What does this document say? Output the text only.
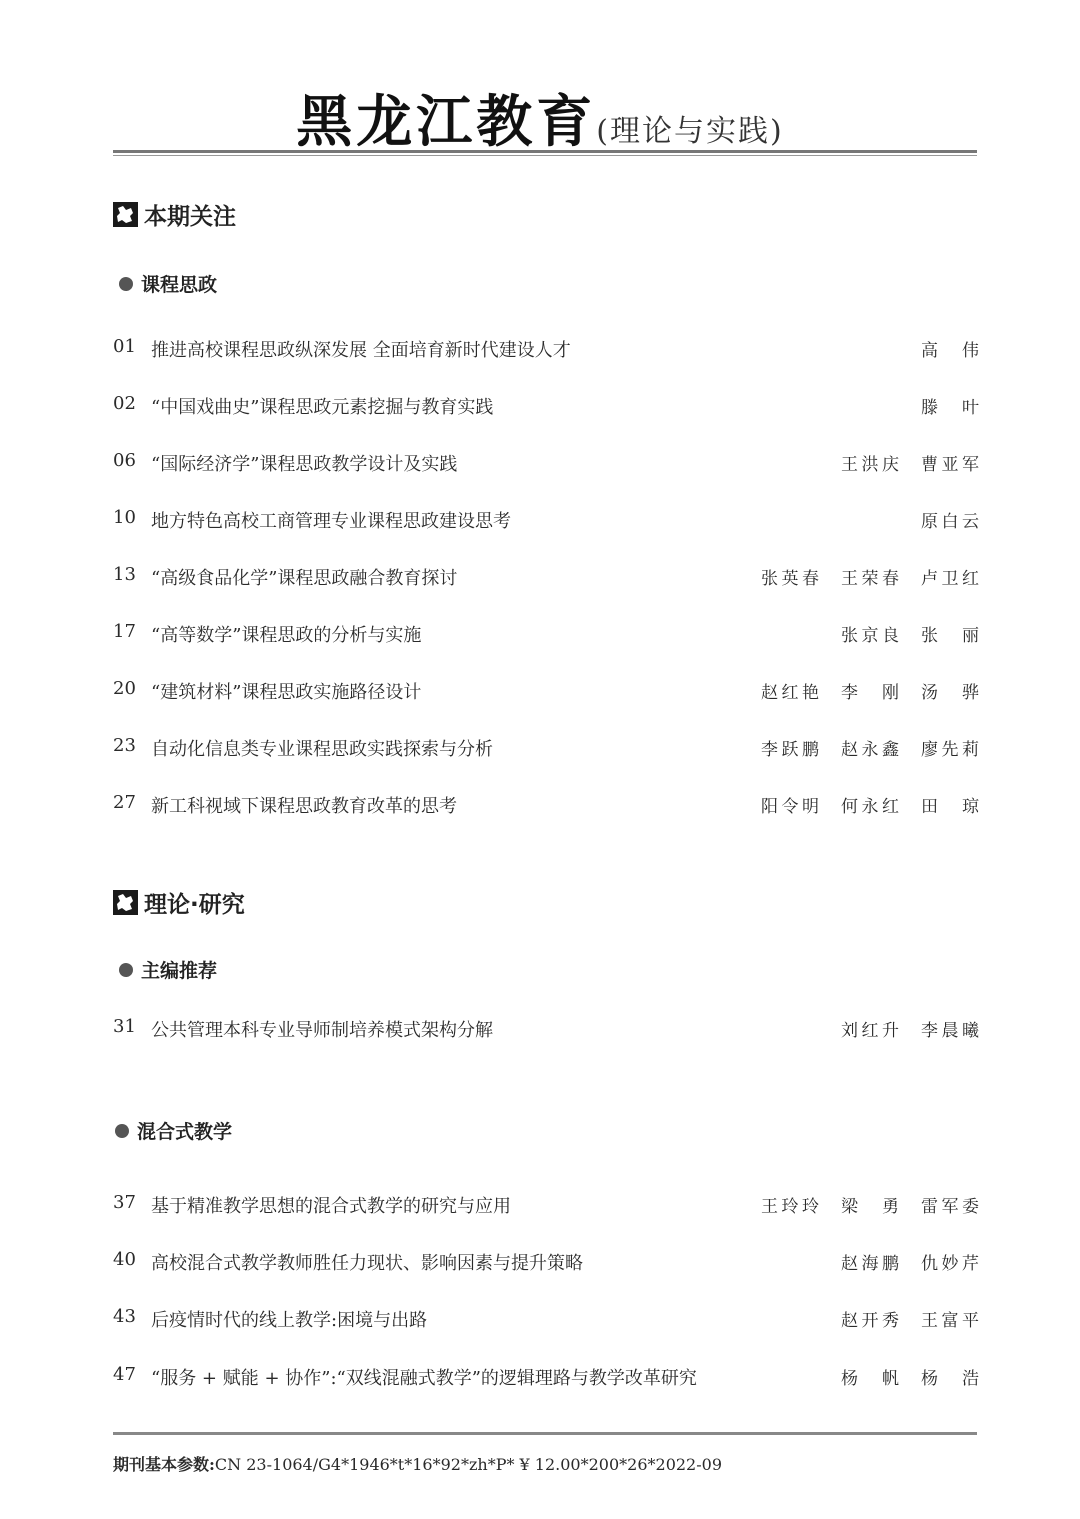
黑龙江教育(理论与实践)
本期关注
课程思政
01 推进高校课程思政纵深发展 全面培育新时代建设人才	高 伟
02 “中国戏曲史”课程思政元素挖掘与教育实践	滕 叶
06 “国际经济学”课程思政教学设计及实践	王洪庆 曹亚军
10 地方特色高校工商管理专业课程思政建设思考	原白云
13 “高级食品化学”课程思政融合教育探讨	张英春 王荣春 卢卫红
17 “高等数学”课程思政的分析与实施	张京良 张 丽
20 “建筑材料”课程思政实施路径设计	赵红艳 李 刚 汤 骅
23 自动化信息类专业课程思政实践探索与分析	李跃鹏 赵永鑫 廖先莉
27 新工科视域下课程思政教育改革的思考	阳令明 何永红 田 琼
理论·研究
主编推荐
31 公共管理本科专业导师制培养模式架构分解	刘红升 李晨曦
混合式教学
37 基于精准教学思想的混合式教学的研究与应用	王玲玲 梁 勇 雷军委
40 高校混合式教学教师胜任力现状、影响因素与提升策略	赵海鹏 仇妙芹
43 后疫情时代的线上教学:困境与出路	赵开秀 王富平
47 “服务 + 赋能 + 协作”:“双线混融式教学”的逻辑理路与教学改革研究	杨 帆 杨 浩
期刊基本参数:CN 23-1064/G4*1946*t*16*92*zh*P* ¥ 12.00*200*26*2022-09
